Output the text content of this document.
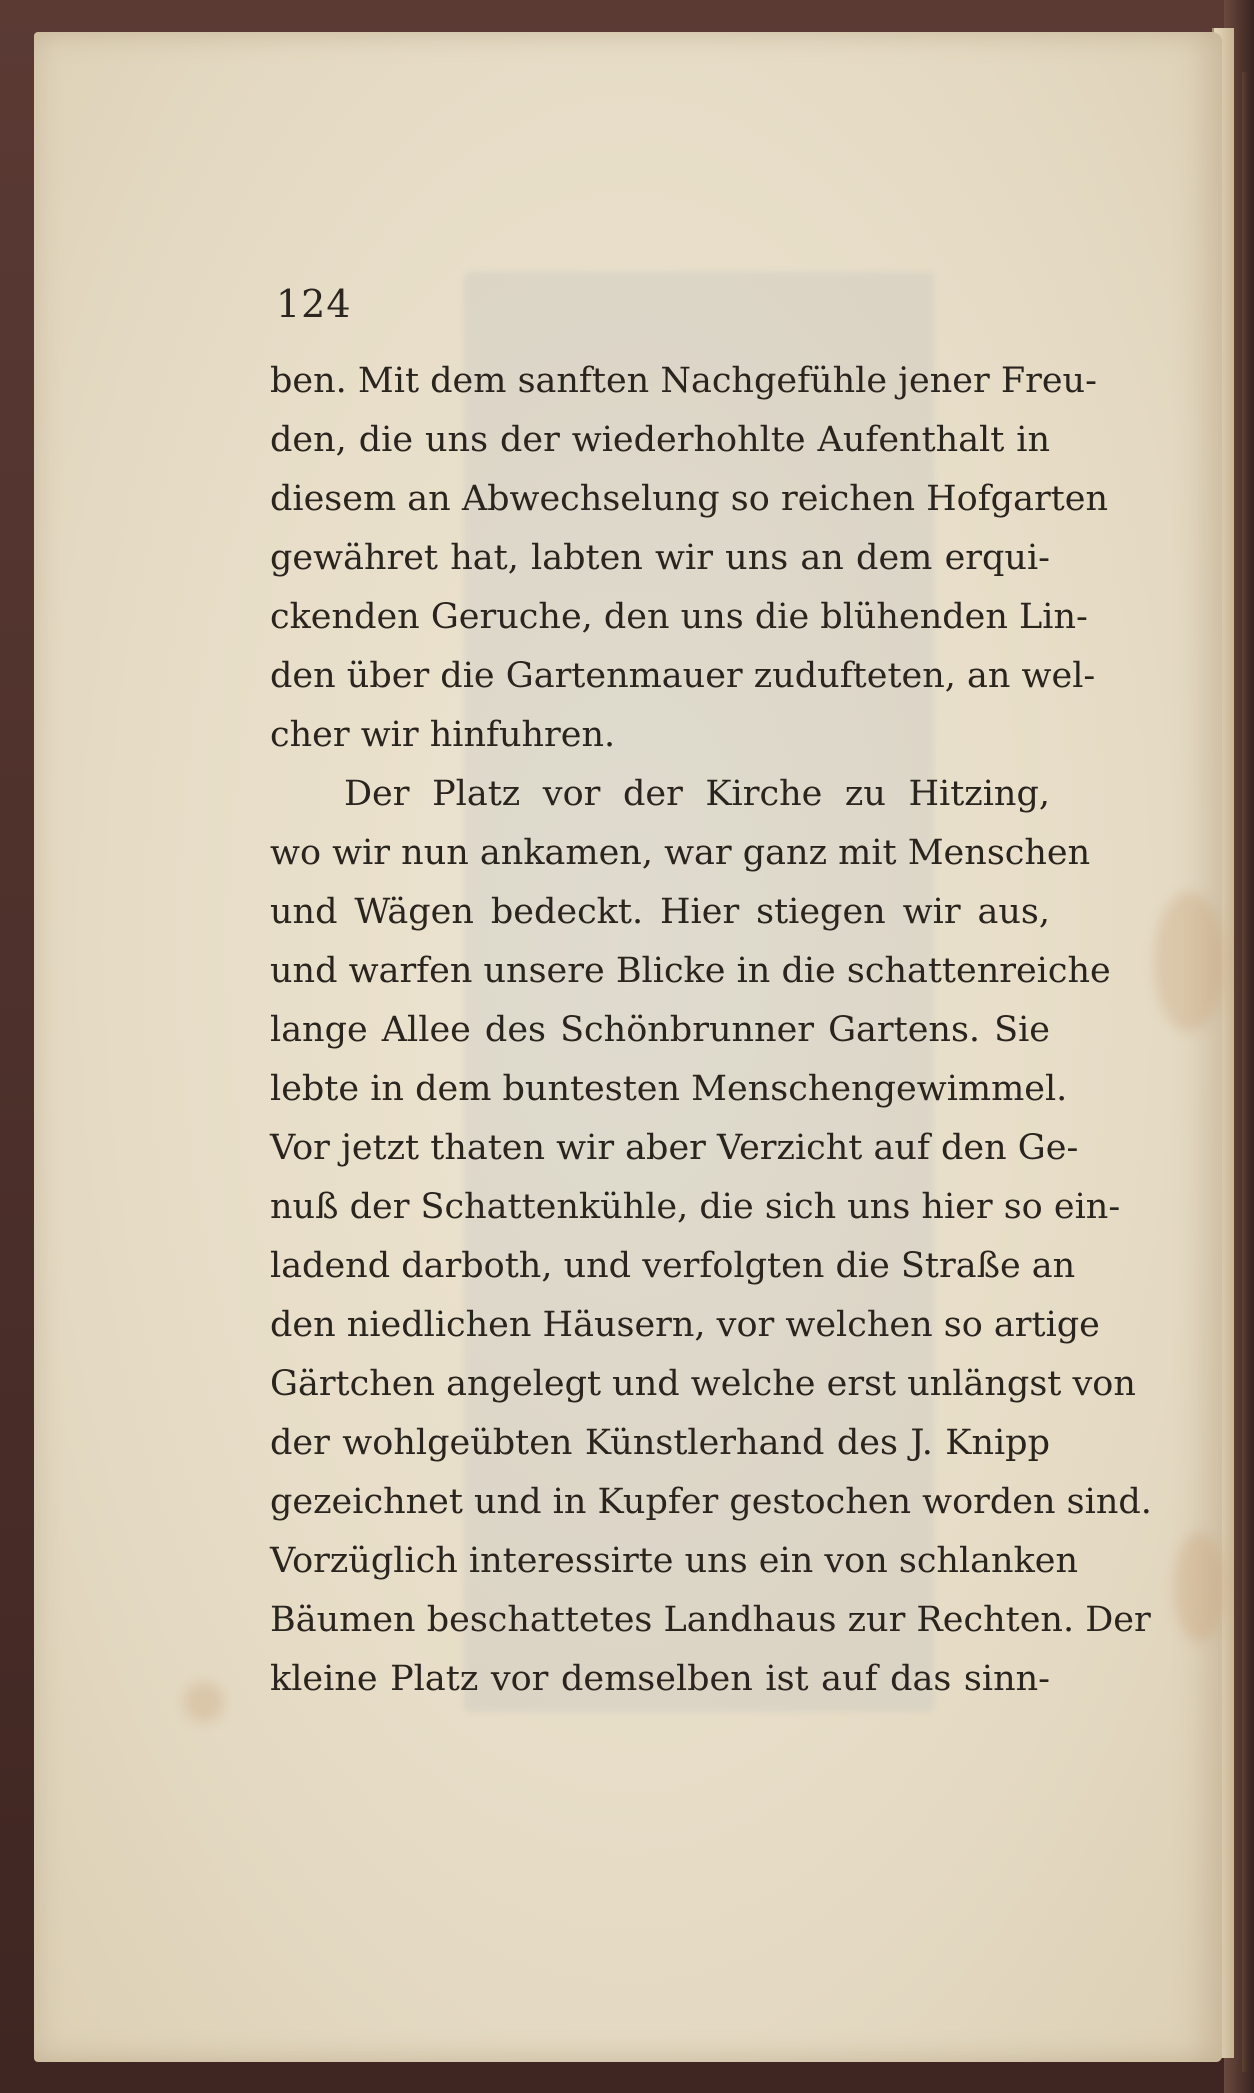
124
ben. Mit dem sanften Nachgefühle jener Freu-
den, die uns der wiederhohlte Aufenthalt in
diesem an Abwechselung so reichen Hofgarten
gewähret hat, labten wir uns an dem erqui-
ckenden Geruche, den uns die blühenden Lin-
den über die Gartenmauer zudufteten, an wel-
cher wir hinfuhren.
Der Platz vor der Kirche zu Hitzing,
wo wir nun ankamen, war ganz mit Menschen
und Wägen bedeckt. Hier stiegen wir aus,
und warfen unsere Blicke in die schattenreiche
lange Allee des Schönbrunner Gartens. Sie
lebte in dem buntesten Menschengewimmel.
Vor jetzt thaten wir aber Verzicht auf den Ge-
nuß der Schattenkühle, die sich uns hier so ein-
ladend darboth, und verfolgten die Straße an
den niedlichen Häusern, vor welchen so artige
Gärtchen angelegt und welche erst unlängst von
der wohlgeübten Künstlerhand des J. Knipp
gezeichnet und in Kupfer gestochen worden sind.
Vorzüglich interessirte uns ein von schlanken
Bäumen beschattetes Landhaus zur Rechten. Der
kleine Platz vor demselben ist auf das sinn-
